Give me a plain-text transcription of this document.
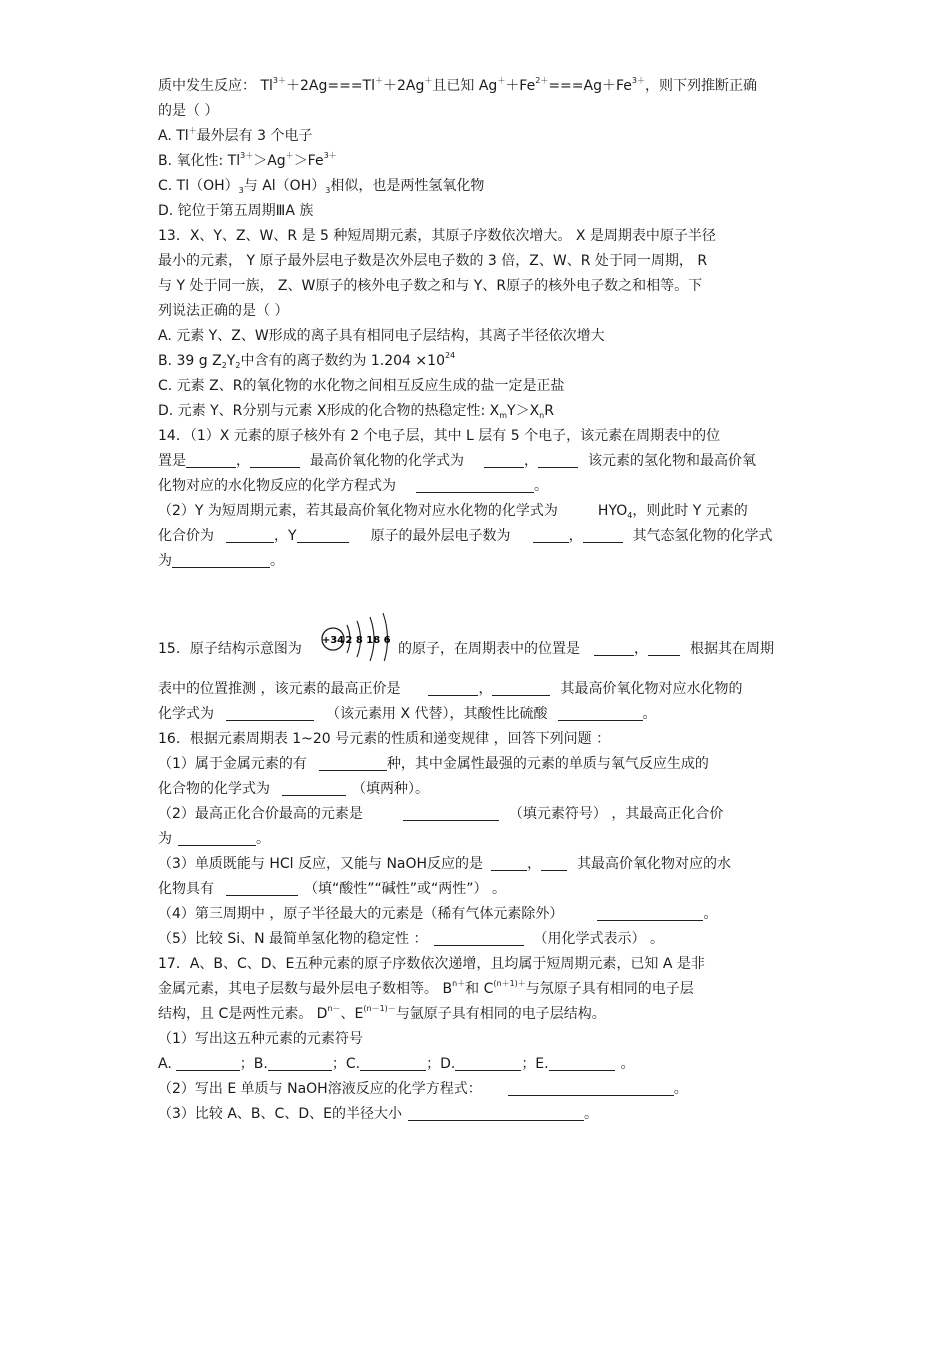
质中发生反应： $Tl^{3+}+2Ag===Tl^++2Ag^+$且已知 $Ag^++Fe^{2+}===Ag+Fe^{3+}$，则下列推断正确
的是（ ）
A. Tl＋最外层有 3 个电子
B. 氧化性: $Tl^{3+}>Ag^+>Fe^{3+}$
C. $Tl(OH)_3$与 $Al(OH)_3$相似，也是两性氢氧化物
D. 铊位于第五周期ⅢA 族
13．X、Y、Z、W、R 是 5 种短周期元素，其原子序数依次增大。 X 是周期表中原子半径
最小的元素， Y 原子最外层电子数是次外层电子数的 3 倍，Z、W、R 处于同一周期， R
与 Y 处于同一族， Z、W原子的核外电子数之和与 Y、R原子的核外电子数之和相等。下
列说法正确的是（ ）
A. 元素 Y、Z、W形成的离子具有相同电子层结构，其离子半径依次增大
B. 39 g $Z_2Y_2$中含有的离子数约为 $1.204 \times 10^{24}$
C. 元素 Z、R的氧化物的水化物之间相互反应生成的盐一定是正盐
D. 元素 Y、R分别与元素 X形成的化合物的热稳定性: $X_mY>X_nR$
14．（1）X 元素的原子核外有 2 个电子层，其中 L 层有 5 个电子，该元素在周期表中的位
置是	，	最高价氧化物的化学式为	，	该元素的氢化物和最高价氧
化物对应的水化物反应的化学方程式为	。
（2）Y 为短周期元素，若其最高价氧化物对应水化物的化学式为	$HYO_4$，则此时 Y 元素的
化合价为	，Y	原子的最外层电子数为	，	其气态氢化物的化学式
为	。
+34 2 8 18 6
15．原子结构示意图为	的原子，在周期表中的位置是	，	根据其在周期
表中的位置推测 ，该元素的最高正价是	，	其最高价氧化物对应水化物的
化学式为	（该元素用 X 代替），其酸性比硫酸	。
16．根据元素周期表 1~20 号元素的性质和递变规律 ，回答下列问题 ：
（1）属于金属元素的有	种，其中金属性最强的元素的单质与氧气反应生成的
化合物的化学式为	（填两种）。
（2）最高正化合价最高的元素是	（填元素符号） ，其最高正化合价
为	。
（3）单质既能与 HCl 反应，又能与 NaOH反应的是	，	其最高价氧化物对应的水
化物具有	（填“酸性”“碱性”或“两性”） 。
（4）第三周期中 ，原子半径最大的元素是（稀有气体元素除外）	。
（5）比较 Si、N 最简单氢化物的稳定性 ：	（用化学式表示） 。
17．A、B、C、D、E五种元素的原子序数依次递增，且均属于短周期元素，已知 A 是非
金属元素，其电子层数与最外层电子数相等。 $B^{n+}$和 $C^{(n+1)+}$与氖原子具有相同的电子层
结构，且 C是两性元素。 $D^{n-}$、$E^{(n-1)-}$与氩原子具有相同的电子层结构。
（1）写出这五种元素的元素符号
A.	；B.	；C.	；D.	；E.	。
（2）写出 E 单质与 NaOH溶液反应的化学方程式：	。
（3）比较 A、B、C、D、E的半径大小	。
